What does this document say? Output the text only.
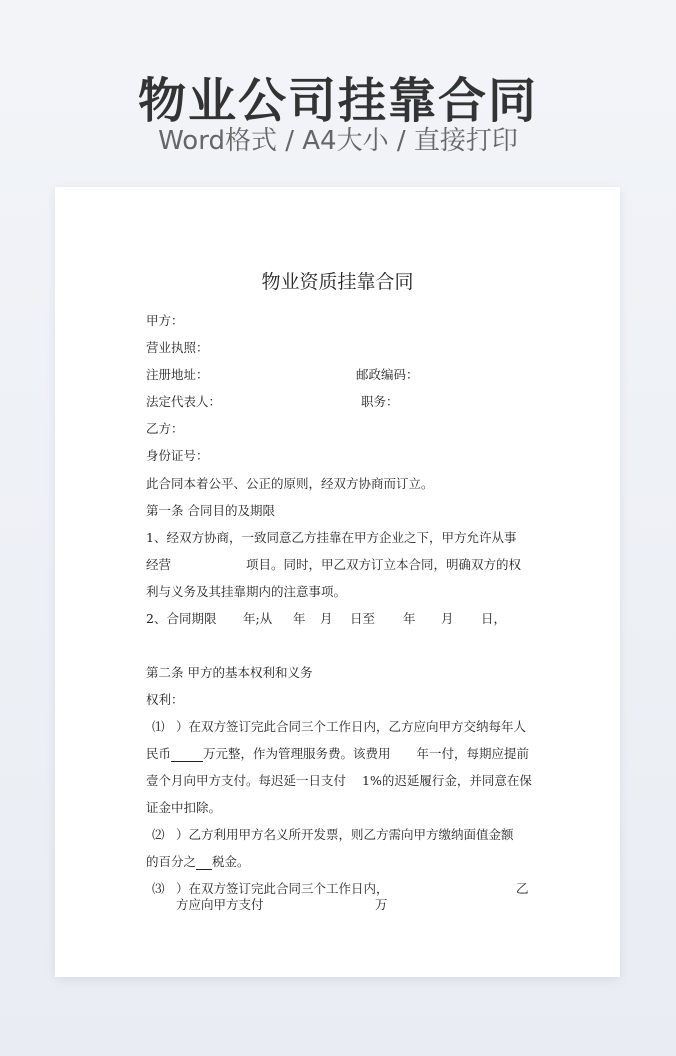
物业公司挂靠合同
Word格式 / A4大小 / 直接打印
物业资质挂靠合同
甲方：
营业执照：
注册地址：	邮政编码：
法定代表人：	职务：
乙方：
身份证号：
此合同本着公平、公正的原则，经双方协商而订立。
第一条 合同目的及期限
1、经双方协商，一致同意乙方挂靠在甲方企业之下，甲方允许从事
经营	项目。同时，甲乙双方订立本合同，明确双方的权
利与义务及其挂靠期内的注意事项。
2、合同期限 年;从 年 月 日至 年 月 日，
第二条 甲方的基本权利和义务
权利：
⑴ ）在双方签订完此合同三个工作日内，乙方应向甲方交纳每年人
民币	万元整，作为管理服务费。该费用 年一付，每期应提前
壹个月向甲方支付。每迟延一日支付 1%的迟延履行金，并同意在保
证金中扣除。
⑵ ）乙方利用甲方名义所开发票，则乙方需向甲方缴纳面值金额
的百分之 税金。
⑶ ）在双方签订完此合同三个工作日内，	乙
方应向甲方支付	万
